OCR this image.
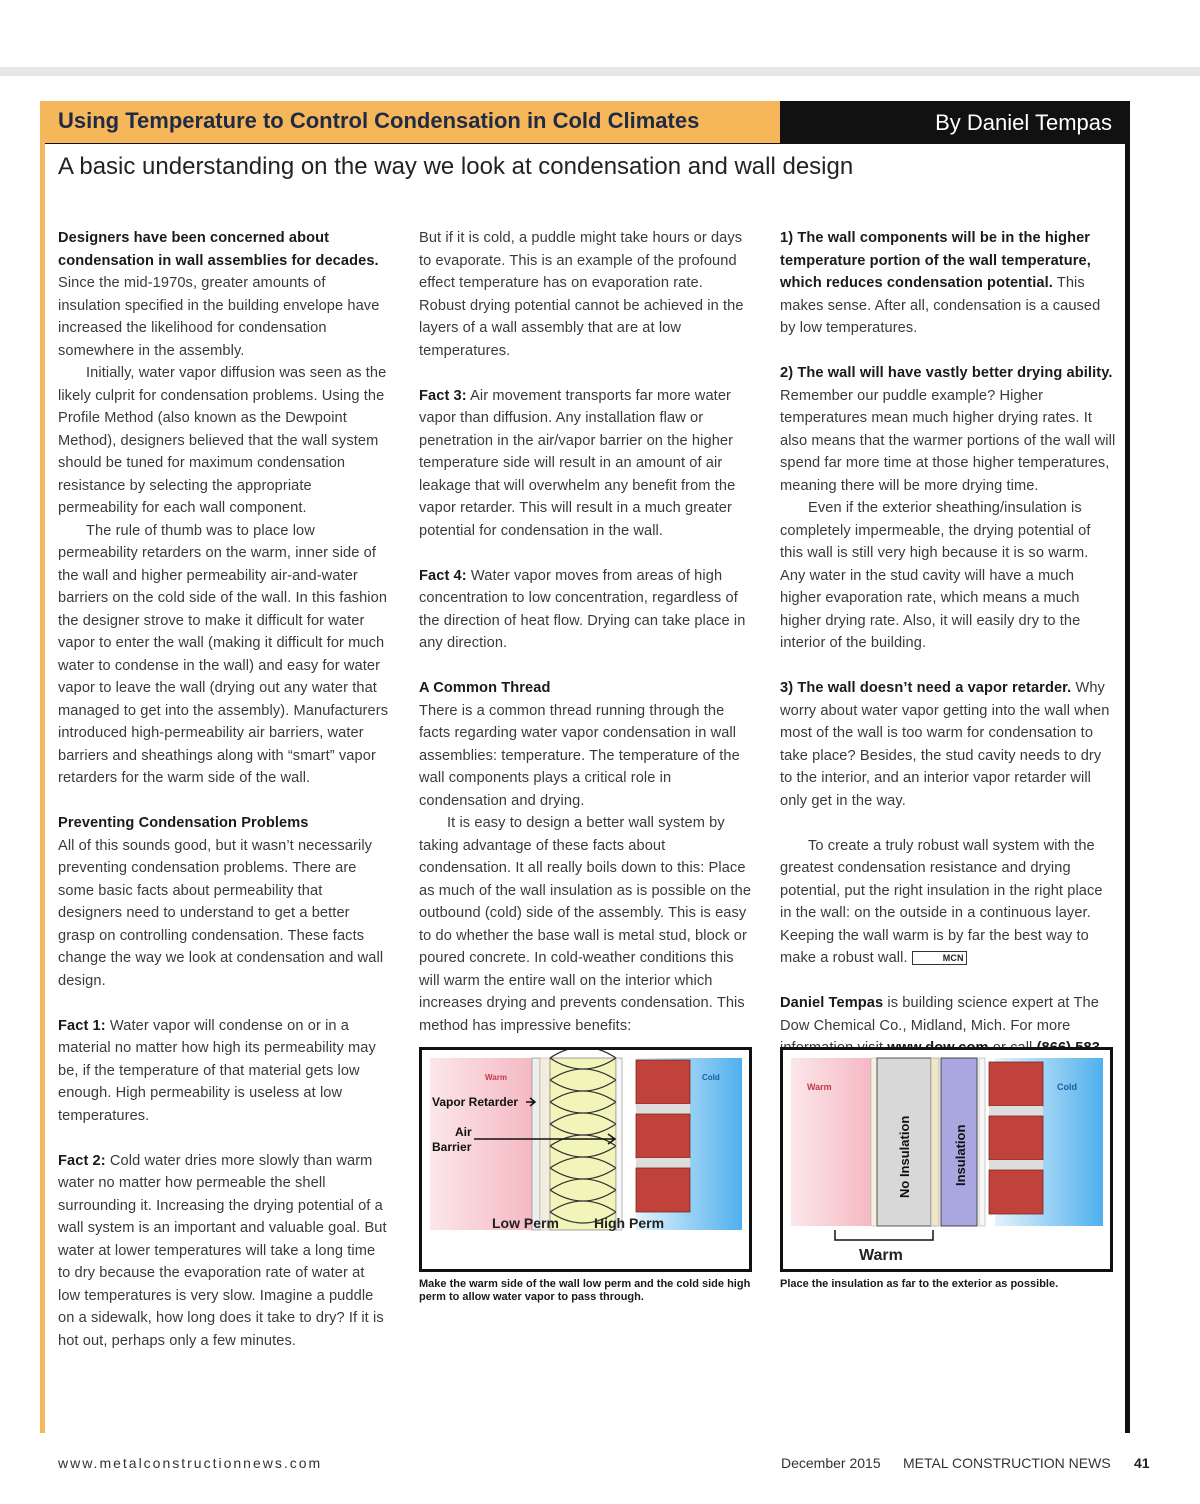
Using Temperature to Control Condensation in Cold Climates	By Daniel Tempas
A basic understanding on the way we look at condensation and wall design

Designers have been concerned about condensation in wall assemblies for decades. Since the mid-1970s, greater amounts of insulation specified in the building envelope have increased the likelihood for condensation somewhere in the assembly.

Initially, water vapor diffusion was seen as the likely culprit for condensation problems. Using the Profile Method (also known as the Dewpoint Method), designers believed that the wall system should be tuned for maximum condensation resistance by selecting the appropriate permeability for each wall component.

The rule of thumb was to place low permeability retarders on the warm, inner side of the wall and higher permeability air-and-water barriers on the cold side of the wall. In this fashion the designer strove to make it difficult for water vapor to enter the wall (making it difficult for much water to condense in the wall) and easy for water vapor to leave the wall (drying out any water that managed to get into the assembly). Manufacturers introduced high-permeability air barriers, water barriers and sheathings along with “smart” vapor retarders for the warm side of the wall.

Preventing Condensation Problems

All of this sounds good, but it wasn’t necessarily preventing condensation problems. There are some basic facts about permeability that designers need to understand to get a better grasp on controlling condensation. These facts change the way we look at condensation and wall design.

Fact 1: Water vapor will condense on or in a material no matter how high its permeability may be, if the temperature of that material gets low enough. High permeability is useless at low temperatures.

Fact 2: Cold water dries more slowly than warm water no matter how permeable the shell surrounding it. Increasing the drying potential of a wall system is an important and valuable goal. But water at lower temperatures will take a long time to dry because the evaporation rate of water at low temperatures is very slow. Imagine a puddle on a sidewalk, how long does it take to dry? If it is hot out, perhaps only a few minutes.

But if it is cold, a puddle might take hours or days to evaporate. This is an example of the profound effect temperature has on evaporation rate. Robust drying potential cannot be achieved in the layers of a wall assembly that are at low temperatures.

Fact 3: Air movement transports far more water vapor than diffusion. Any installation flaw or penetration in the air/vapor barrier on the higher temperature side will result in an amount of air leakage that will overwhelm any benefit from the vapor retarder. This will result in a much greater potential for condensation in the wall.

Fact 4: Water vapor moves from areas of high concentration to low concentration, regardless of the direction of heat flow. Drying can take place in any direction.

A Common Thread

There is a common thread running through the facts regarding water vapor condensation in wall assemblies: temperature. The temperature of the wall components plays a critical role in condensation and drying.

It is easy to design a better wall system by taking advantage of these facts about condensation. It all really boils down to this: Place as much of the wall insulation as is possible on the outbound (cold) side of the assembly. This is easy to do whether the base wall is metal stud, block or poured concrete. In cold-weather conditions this will warm the entire wall on the interior which increases drying and prevents condensation. This method has impressive benefits:

1) The wall components will be in the higher temperature portion of the wall temperature, which reduces condensation potential. This makes sense. After all, condensation is a caused by low temperatures.

2) The wall will have vastly better drying ability. Remember our puddle example? Higher temperatures mean much higher drying rates. It also means that the warmer portions of the wall will spend far more time at those higher temperatures, meaning there will be more drying time.

Even if the exterior sheathing/insulation is completely impermeable, the drying potential of this wall is still very high because it is so warm. Any water in the stud cavity will have a much higher evaporation rate, which means a much higher drying rate. Also, it will easily dry to the interior of the building.

3) The wall doesn’t need a vapor retarder. Why worry about water vapor getting into the wall when most of the wall is too warm for condensation to take place? Besides, the stud cavity needs to dry to the interior, and an interior vapor retarder will only get in the way.

To create a truly robust wall system with the greatest condensation resistance and drying potential, put the right insulation in the right place in the wall: on the outside in a continuous layer. Keeping the wall warm is by far the best way to make a robust wall.	MCN

Daniel Tempas is building science expert at The Dow Chemical Co., Midland, Mich. For more

Warm	Cold
Vapor Retarder
Air
Barrier
Low Perm	High Perm
Make the warm side of the wall low perm and the cold side high perm to allow water vapor to pass through.
Warm	Cold
No Insulation	Insulation
Warm
Place the insulation as far to the exterior as possible.
www.metalconstructionnews.com	December 2015 METAL CONSTRUCTION NEWS 41
